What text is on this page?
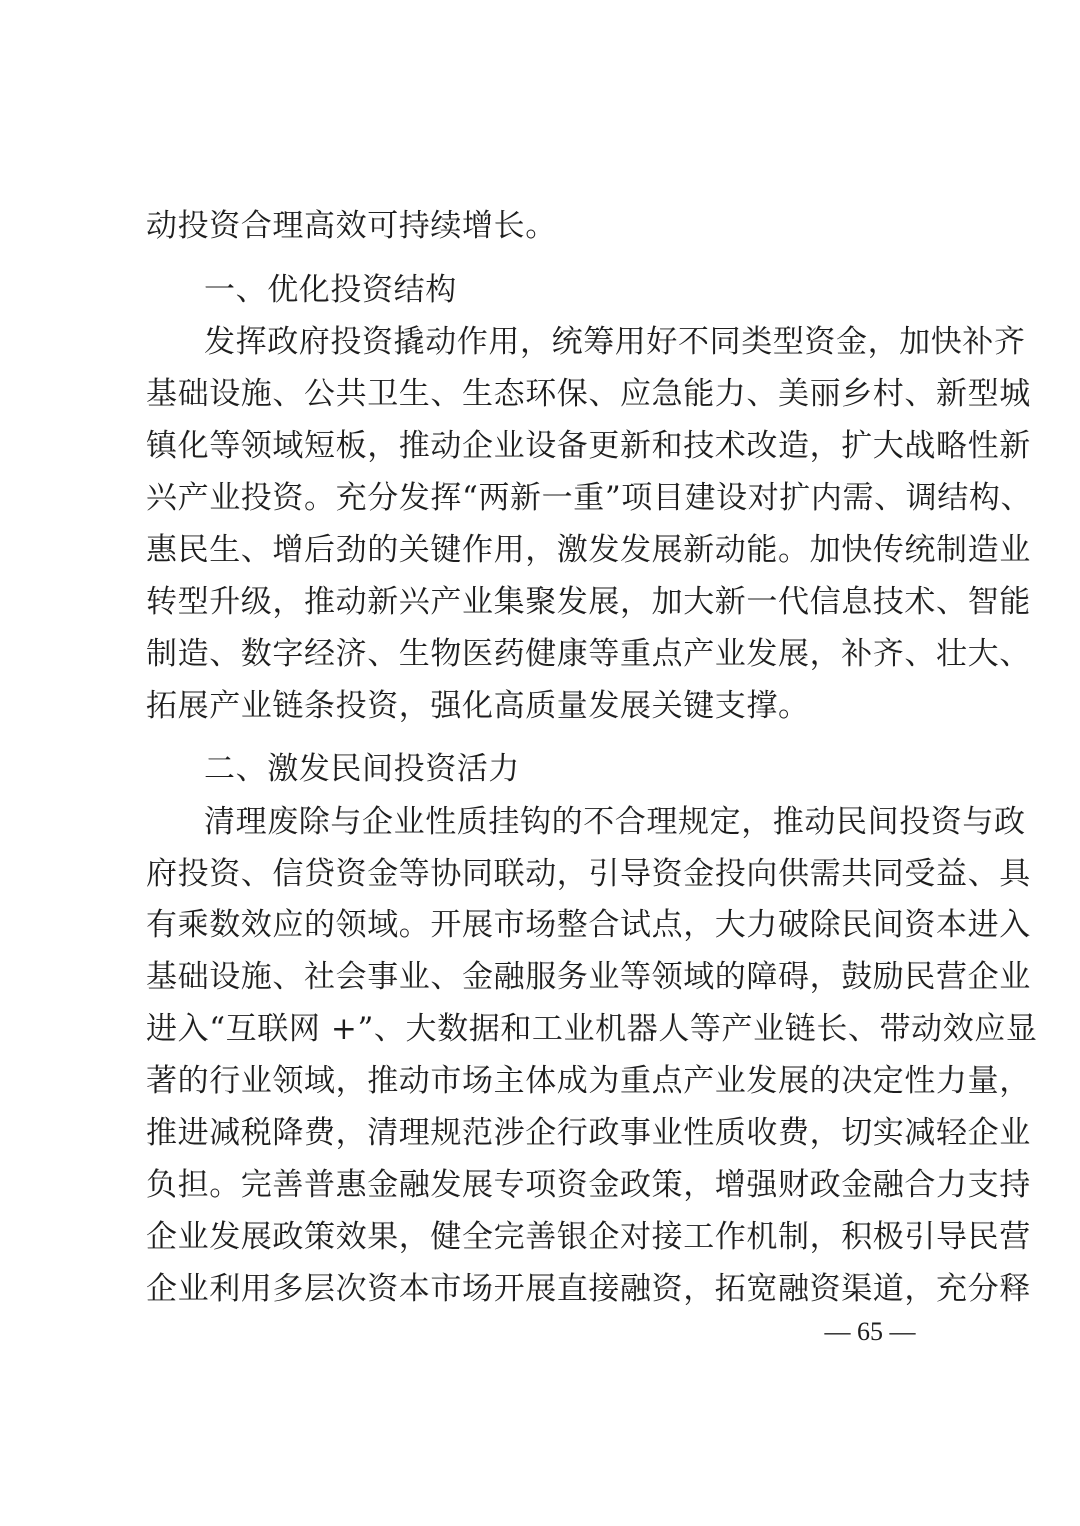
动投资合理高效可持续增长。
一、优化投资结构
发挥政府投资撬动作用，统筹用好不同类型资金，加快补齐
基础设施、公共卫生、生态环保、应急能力、美丽乡村、新型城
镇化等领域短板，推动企业设备更新和技术改造，扩大战略性新
兴产业投资。充分发挥“两新一重”项目建设对扩内需、调结构、
惠民生、增后劲的关键作用，激发发展新动能。加快传统制造业
转型升级，推动新兴产业集聚发展，加大新一代信息技术、智能
制造、数字经济、生物医药健康等重点产业发展，补齐、壮大、
拓展产业链条投资，强化高质量发展关键支撑。
二、激发民间投资活力
清理废除与企业性质挂钩的不合理规定，推动民间投资与政
府投资、信贷资金等协同联动，引导资金投向供需共同受益、具
有乘数效应的领域。开展市场整合试点，大力破除民间资本进入
基础设施、社会事业、金融服务业等领域的障碍，鼓励民营企业
进入“互联网 +”、大数据和工业机器人等产业链长、带动效应显
著的行业领域，推动市场主体成为重点产业发展的决定性力量，
推进减税降费，清理规范涉企行政事业性质收费，切实减轻企业
负担。完善普惠金融发展专项资金政策，增强财政金融合力支持
企业发展政策效果，健全完善银企对接工作机制，积极引导民营
企业利用多层次资本市场开展直接融资，拓宽融资渠道，充分释
— 65 —
